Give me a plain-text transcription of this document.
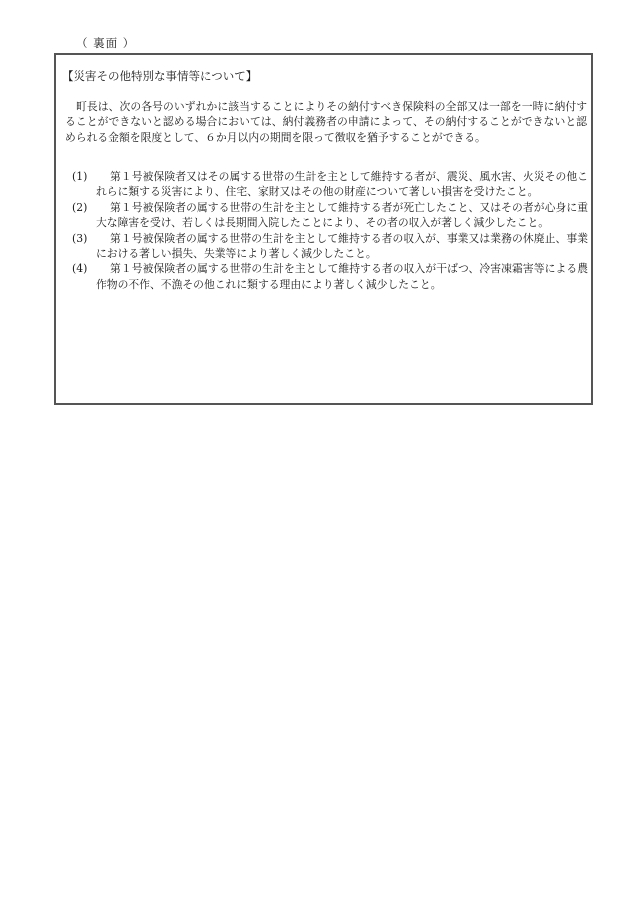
（ 裏面 ）
【災害その他特別な事情等について】

町長は、次の各号のいずれかに該当することによりその納付すべき保険料の全部又は一部を一時に納付することができないと認める場合においては、納付義務者の申請によって、その納付することができないと認められる金額を限度として、６か月以内の期間を限って徴収を猶予することができる。

(1)	第１号被保険者又はその属する世帯の生計を主として維持する者が、震災、風水害、火災その他これらに類する災害により、住宅、家財又はその他の財産について著しい損害を受けたこと。
(2)	第１号被保険者の属する世帯の生計を主として維持する者が死亡したこと、又はその者が心身に重大な障害を受け、若しくは長期間入院したことにより、その者の収入が著しく減少したこと。
(3)	第１号被保険者の属する世帯の生計を主として維持する者の収入が、事業又は業務の休廃止、事業における著しい損失、失業等により著しく減少したこと。
(4)	第１号被保険者の属する世帯の生計を主として維持する者の収入が干ばつ、冷害凍霜害等による農作物の不作、不漁その他これに類する理由により著しく減少したこと。
